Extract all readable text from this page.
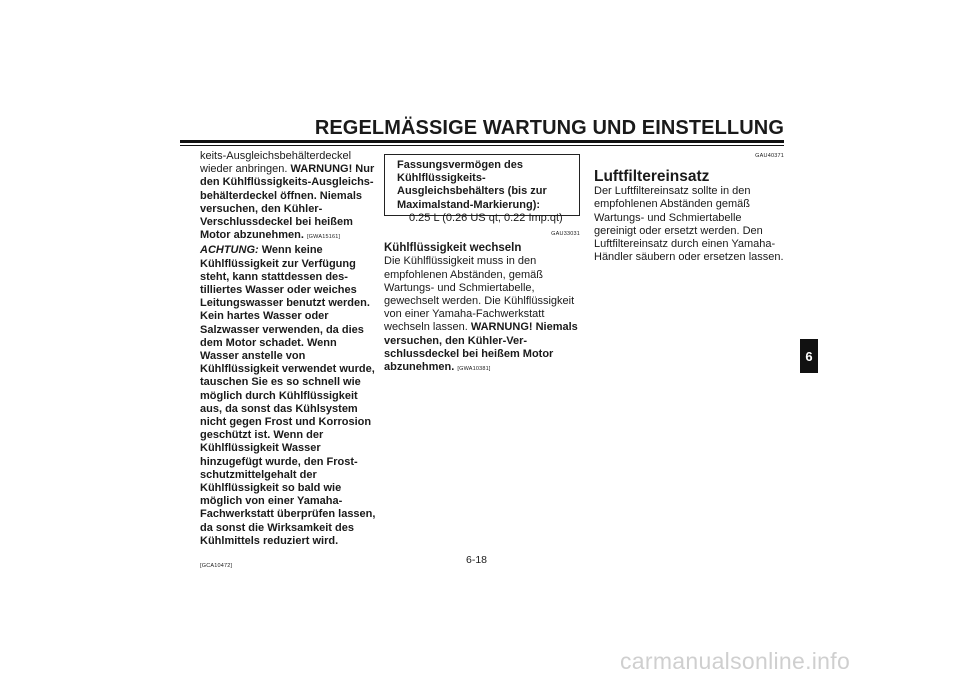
REGELMÄSSIGE WARTUNG UND EINSTELLUNG
keits-Ausgleichsbehälterdeckel wieder anbringen. WARNUNG! Nur den Kühlflüssigkeits-Ausgleichsbehälterdeckel öffnen. Niemals versuchen, den Kühler-Verschlussdeckel bei heißem Motor abzunehmen. [GWA15161] ACHTUNG: Wenn keine Kühlflüssigkeit zur Verfügung steht, kann stattdessen destilliertes Wasser oder weiches Leitungswasser benutzt werden. Kein hartes Wasser oder Salzwasser verwenden, da dies dem Motor schadet. Wenn Wasser anstelle von Kühlflüssigkeit verwendet wurde, tauschen Sie es so schnell wie möglich durch Kühlflüssigkeit aus, da sonst das Kühlsystem nicht gegen Frost und Korrosion geschützt ist. Wenn der Kühlflüssigkeit Wasser hinzugefügt wurde, den Frostschutzmittelgehalt der Kühlflüssigkeit so bald wie möglich von einer Yamaha-Fachwerkstatt überprüfen lassen, da sonst die Wirksamkeit des Kühlmittels reduziert wird.
[GCA10472]
Fassungsvermögen des Kühlflüssigkeits-Ausgleichsbehälters (bis zur Maximalstand-Markierung):
0.25 L (0.26 US qt, 0.22 Imp.qt)
GAU33031
Kühlflüssigkeit wechseln
Die Kühlflüssigkeit muss in den empfohlenen Abständen, gemäß Wartungs- und Schmiertabelle, gewechselt werden. Die Kühlflüssigkeit von einer Yamaha-Fachwerkstatt wechseln lassen. WARNUNG! Niemals versuchen, den Kühler-Verschlussdeckel bei heißem Motor abzunehmen. [GWA10381]
GAU40371
Luftfiltereinsatz
Der Luftfiltereinsatz sollte in den empfohlenen Abständen gemäß Wartungs- und Schmiertabelle gereinigt oder ersetzt werden. Den Luftfiltereinsatz durch einen Yamaha-Händler säubern oder ersetzen lassen.
6
6-18
carmanualsonline.info
